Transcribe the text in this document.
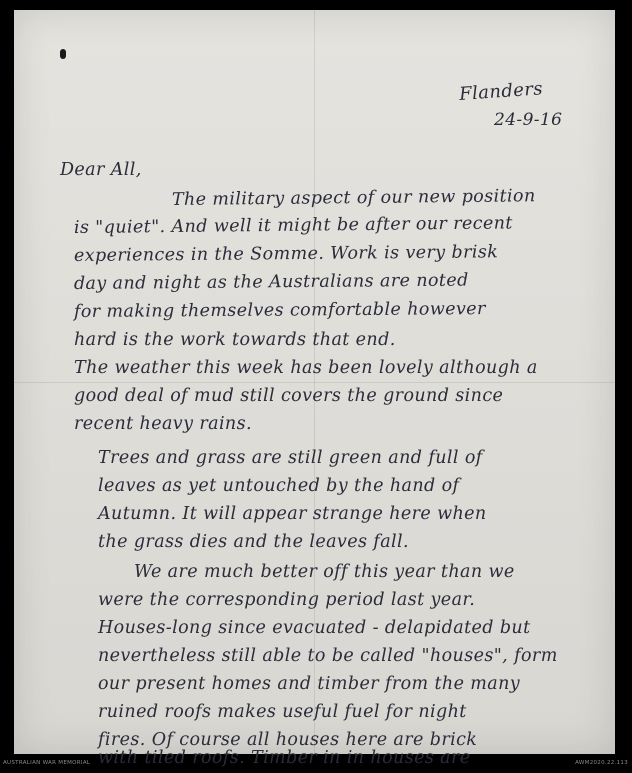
Flanders
24-9-16
Dear All,
The military aspect of our new position
is "quiet". And well it might be after our recent
experiences in the Somme. Work is very brisk
day and night as the Australians are noted
for making themselves comfortable however
hard is the work towards that end.
The weather this week has been lovely although a
good deal of mud still covers the ground since
recent heavy rains.
Trees and grass are still green and full of
leaves as yet untouched by the hand of
Autumn. It will appear strange here when
the grass dies and the leaves fall.
We are much better off this year than we
were the corresponding period last year.
Houses-long since evacuated - delapidated but
nevertheless still able to be called "houses", form
our present homes and timber from the many
ruined roofs makes useful fuel for night
fires. Of course all houses here are brick
with tiled roofs. Timber in in houses are
AUSTRALIAN WAR MEMORIAL	AWM2020.22.113
